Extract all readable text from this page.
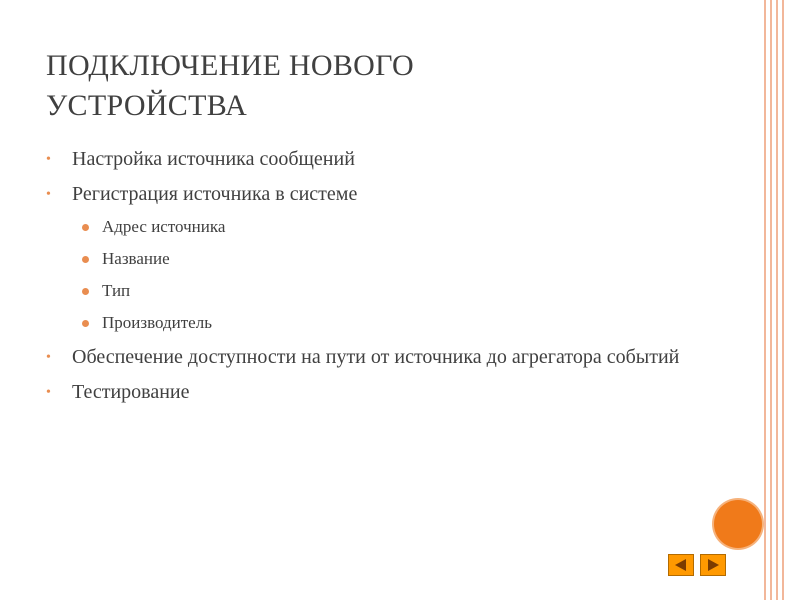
ПОДКЛЮЧЕНИЕ НОВОГО
УСТРОЙСТВА
• Настройка источника сообщений
• Регистрация источника в системе
Адрес источника
Название
Тип
Производитель
• Обеспечение доступности на пути от источника до агрегатора событий
• Тестирование
